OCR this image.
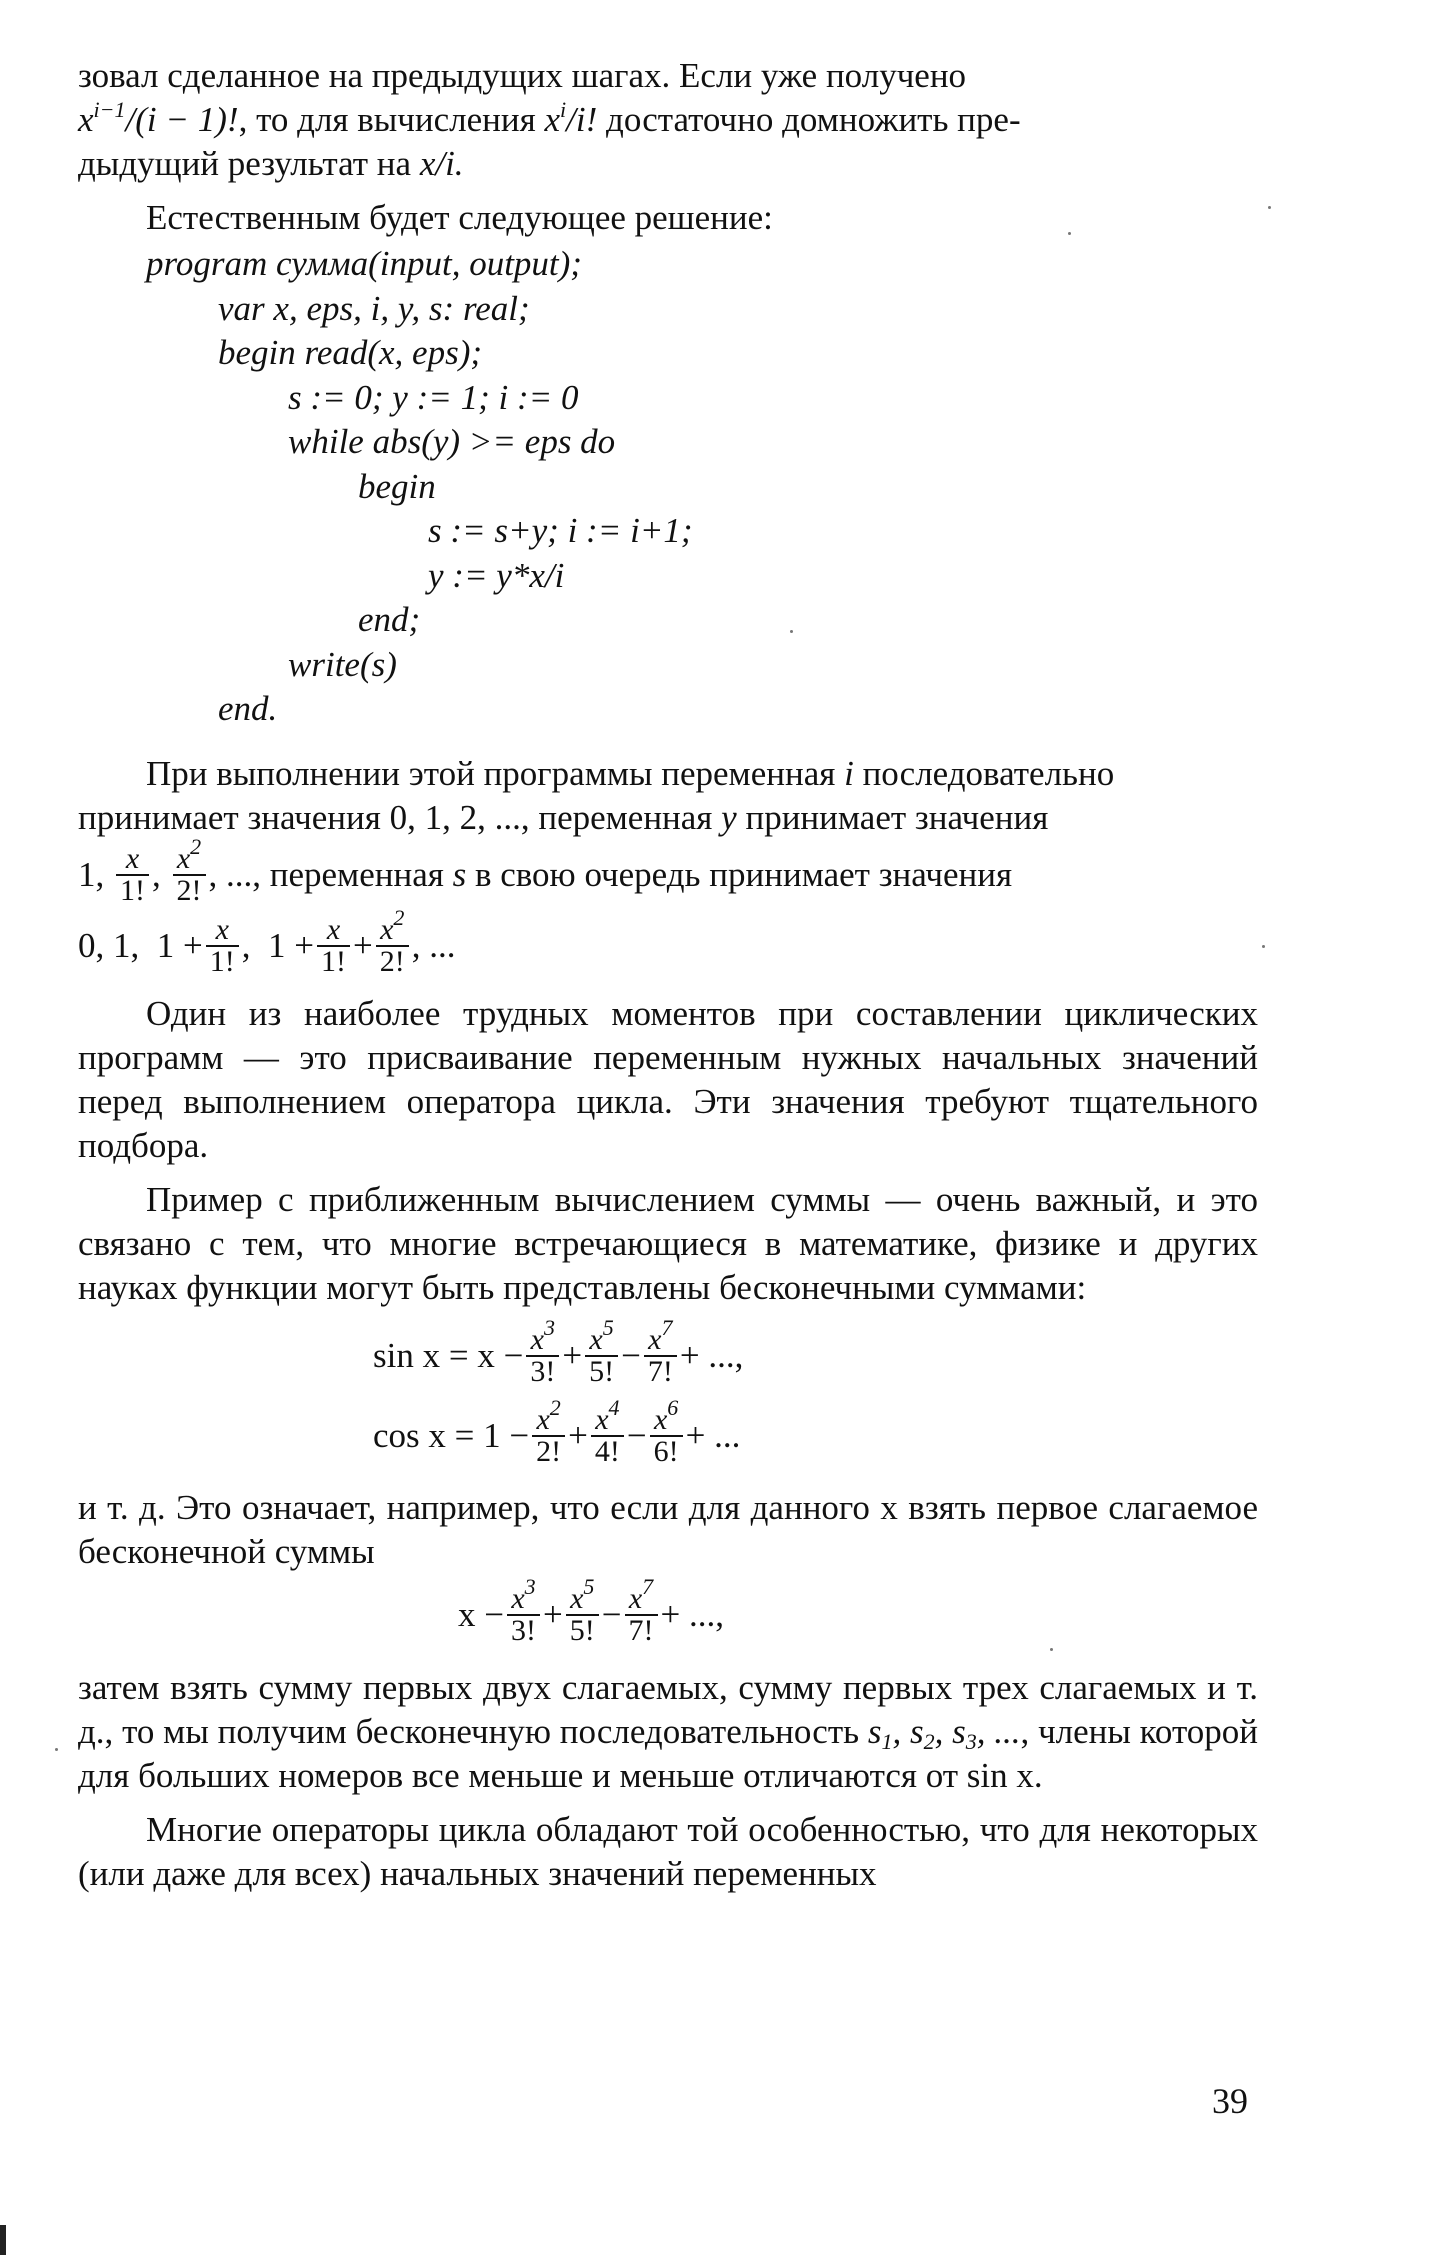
зовал сделанное на предыдущих шагах. Если уже получено
$x^{i-1}/(i - 1)$!, то для вычисления $x^i/i$! достаточно домножить пре-
дыдущий результат на x/i.

Естественным будет следующее решение:

program сумма(input, output);
var x, eps, i, y, s: real;
begin read(x, eps);
s := 0; y := 1; i := 0
while abs(y) >= eps do
begin
s := s+y; i := i+1;
y := y*x/i
end;
write(s)
end.
При выполнении этой программы переменная i последовательно
принимает значения 0, 1, 2, ..., переменная y принимает значения
1, $\frac{x}{1!}$ , $\frac{x^2}{2!}$ , ..., переменная s в свою очередь принимает значения
0, 1, $1 + \frac{x}{1!}$ ,  $1 + \frac{x}{1!} + \frac{x^2}{2!}$ , ...

Один из наиболее трудных моментов при составлении циклических программ — это присваивание переменным нужных начальных значений перед выполнением оператора цикла. Эти значения требуют тщательного подбора.

Пример с приближенным вычислением суммы — очень важный, и это связано с тем, что многие встречающиеся в математике, физике и других науках функции могут быть представлены бесконечными суммами:

$\sin x = x - \frac{x^3}{3!} + \frac{x^5}{5!} - \frac{x^7}{7!}$ + ...,
$\cos x = 1 - \frac{x^2}{2!} + \frac{x^4}{4!} - \frac{x^6}{6!}$ + ...

и т. д. Это означает, например, что если для данного x взять первое слагаемое бесконечной суммы

$x - \frac{x^3}{3!} + \frac{x^5}{5!} - \frac{x^7}{7!}$ + ...,

затем взять сумму первых двух слагаемых, сумму первых трех слагаемых и т. д., то мы получим бесконечную последовательность $s_1$, $s_2$, $s_3$, ..., члены которой для больших номеров все меньше и меньше отличаются от sin x.

Многие операторы цикла обладают той особенностью, что для некоторых (или даже для всех) начальных значений переменных

39
